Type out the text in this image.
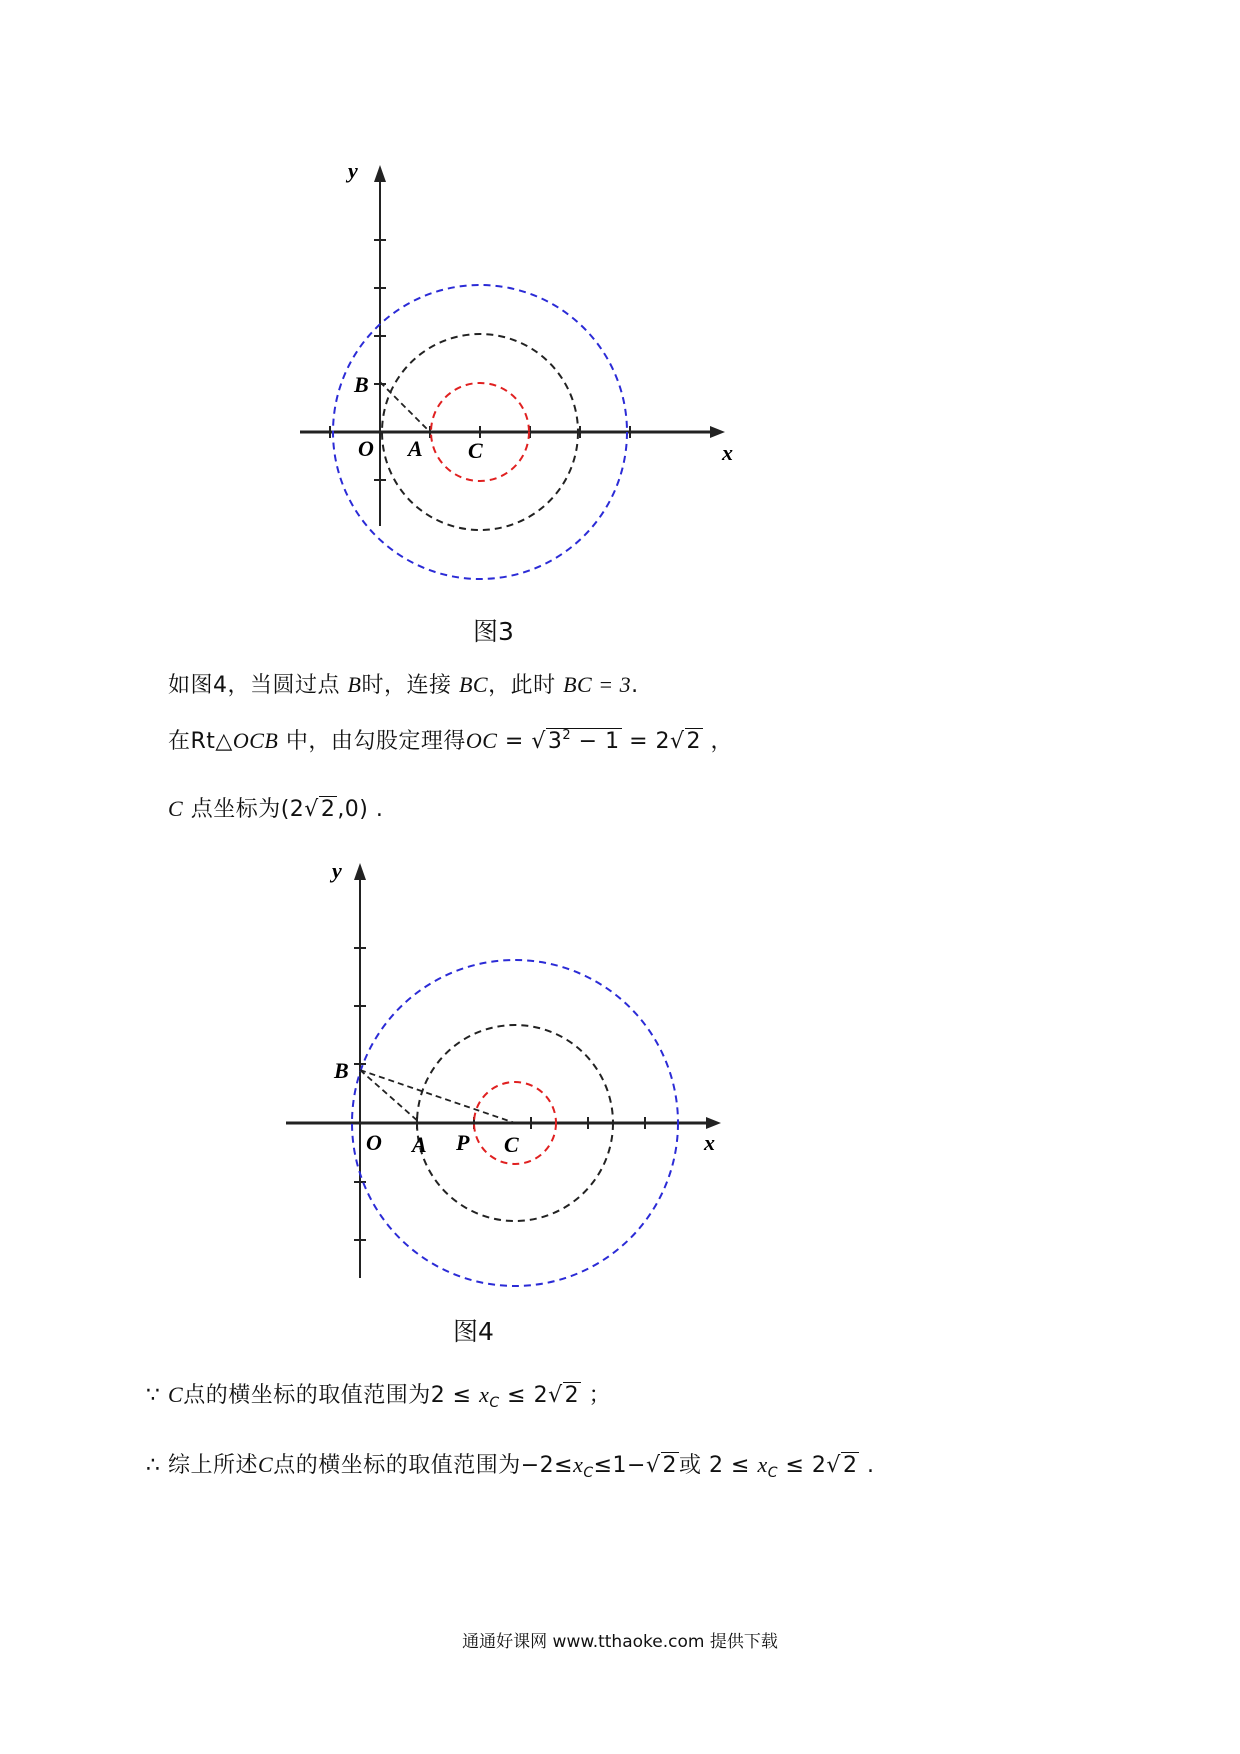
y
x
B
O A C
图3
如图4，当圆过点 B时，连接 BC，此时 BC = 3.
在Rt△OCB 中，由勾股定理得OC = $√3^2 - 1 = 2√2$ ，
C 点坐标为(2√2,0) .
y
x
B
O A P C
图4
∵ C点的横坐标的取值范围为$2 \le x_C \le 2√2$ ；
∴ 综上所述C点的横坐标的取值范围为$-2\le x_C\le 1-√2$或 $2 \le x_C \le 2√2$ .
通通好课网 www.tthaoke.com 提供下载
